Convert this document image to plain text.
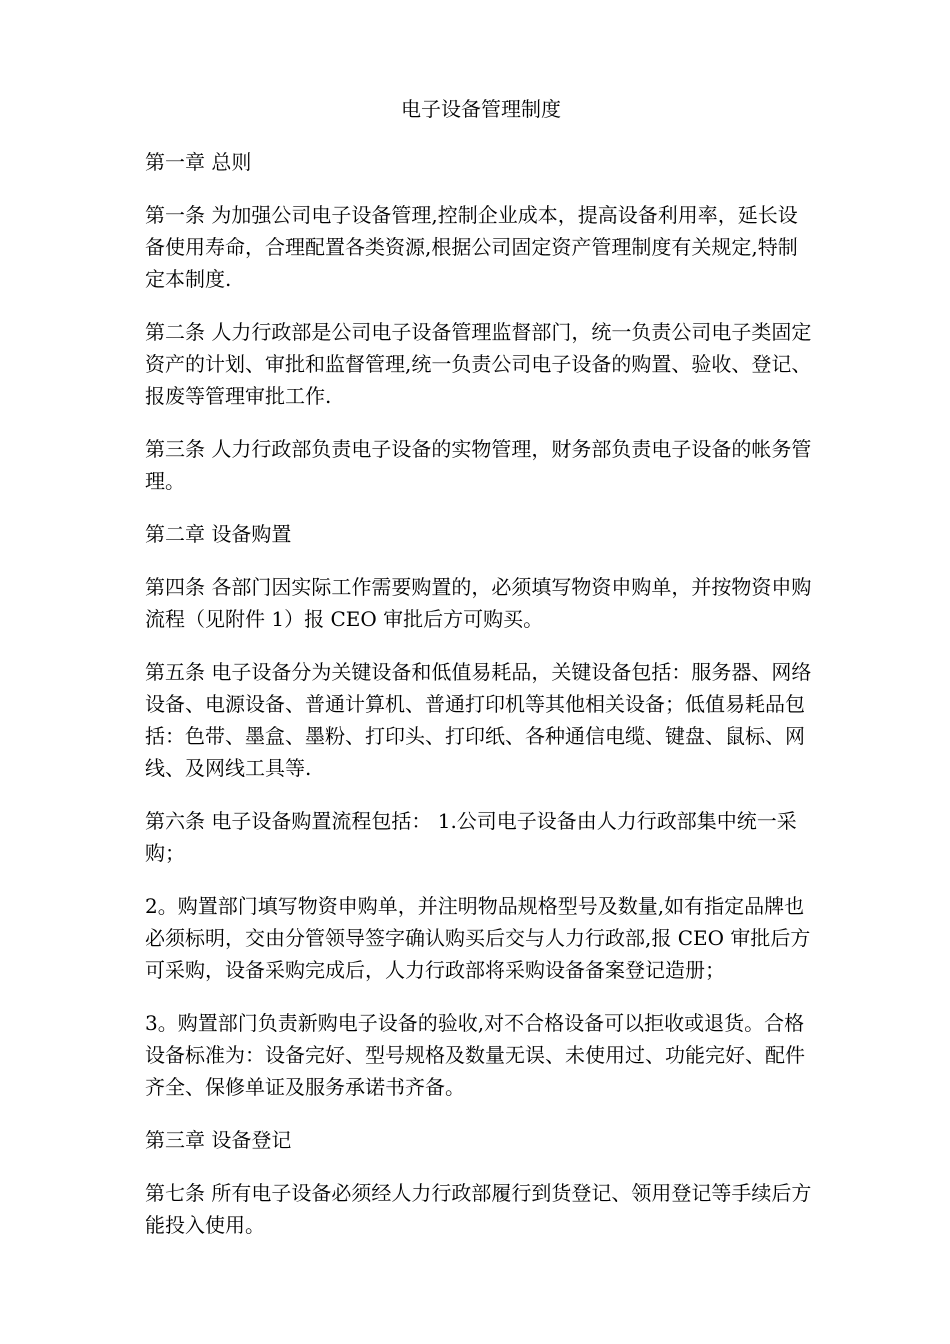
电子设备管理制度

第一章 总则

第一条 为加强公司电子设备管理,控制企业成本，提高设备利用率，延长设备使用寿命，合理配置各类资源,根据公司固定资产管理制度有关规定,特制定本制度.

第二条 人力行政部是公司电子设备管理监督部门，统一负责公司电子类固定资产的计划、审批和监督管理,统一负责公司电子设备的购置、验收、登记、报废等管理审批工作.

第三条 人力行政部负责电子设备的实物管理，财务部负责电子设备的帐务管理。

第二章 设备购置

第四条 各部门因实际工作需要购置的，必须填写物资申购单，并按物资申购流程（见附件 1）报 CEO 审批后方可购买。

第五条 电子设备分为关键设备和低值易耗品，关键设备包括：服务器、网络设备、电源设备、普通计算机、普通打印机等其他相关设备；低值易耗品包括：色带、墨盒、墨粉、打印头、打印纸、各种通信电缆、键盘、鼠标、网线、及网线工具等.

第六条 电子设备购置流程包括： 1.公司电子设备由人力行政部集中统一采购；

2。购置部门填写物资申购单，并注明物品规格型号及数量,如有指定品牌也必须标明，交由分管领导签字确认购买后交与人力行政部,报 CEO 审批后方可采购，设备采购完成后，人力行政部将采购设备备案登记造册；

3。购置部门负责新购电子设备的验收,对不合格设备可以拒收或退货。合格设备标准为：设备完好、型号规格及数量无误、未使用过、功能完好、配件齐全、保修单证及服务承诺书齐备。

第三章 设备登记

第七条 所有电子设备必须经人力行政部履行到货登记、领用登记等手续后方能投入使用。
